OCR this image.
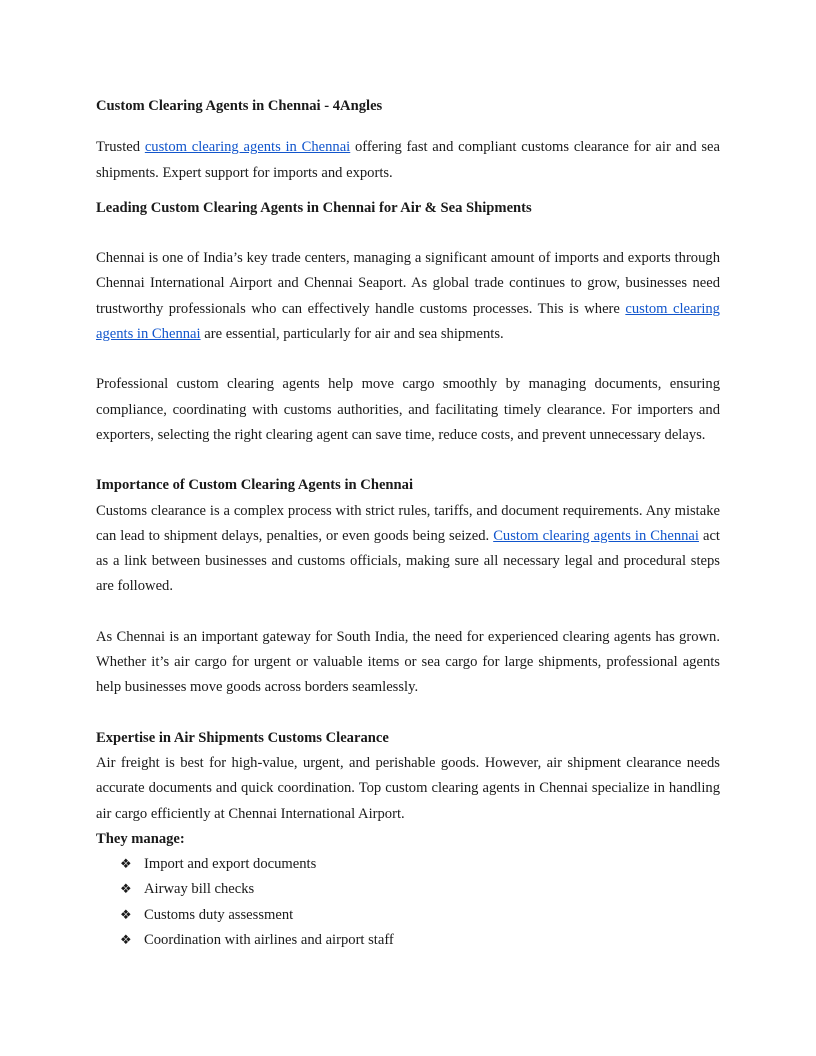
Custom Clearing Agents in Chennai - 4Angles

Trusted custom clearing agents in Chennai offering fast and compliant customs clearance for air and sea shipments. Expert support for imports and exports.

Leading Custom Clearing Agents in Chennai for Air & Sea Shipments

Chennai is one of India’s key trade centers, managing a significant amount of imports and exports through Chennai International Airport and Chennai Seaport. As global trade continues to grow, businesses need trustworthy professionals who can effectively handle customs processes. This is where custom clearing agents in Chennai are essential, particularly for air and sea shipments.

Professional custom clearing agents help move cargo smoothly by managing documents, ensuring compliance, coordinating with customs authorities, and facilitating timely clearance. For importers and exporters, selecting the right clearing agent can save time, reduce costs, and prevent unnecessary delays.

Importance of Custom Clearing Agents in Chennai

Customs clearance is a complex process with strict rules, tariffs, and document requirements. Any mistake can lead to shipment delays, penalties, or even goods being seized. Custom clearing agents in Chennai act as a link between businesses and customs officials, making sure all necessary legal and procedural steps are followed.

As Chennai is an important gateway for South India, the need for experienced clearing agents has grown. Whether it’s air cargo for urgent or valuable items or sea cargo for large shipments, professional agents help businesses move goods across borders seamlessly.

Expertise in Air Shipments Customs Clearance

Air freight is best for high-value, urgent, and perishable goods. However, air shipment clearance needs accurate documents and quick coordination. Top custom clearing agents in Chennai specialize in handling air cargo efficiently at Chennai International Airport.

They manage:
❖ Import and export documents
❖ Airway bill checks
❖ Customs duty assessment
❖ Coordination with airlines and airport staff
